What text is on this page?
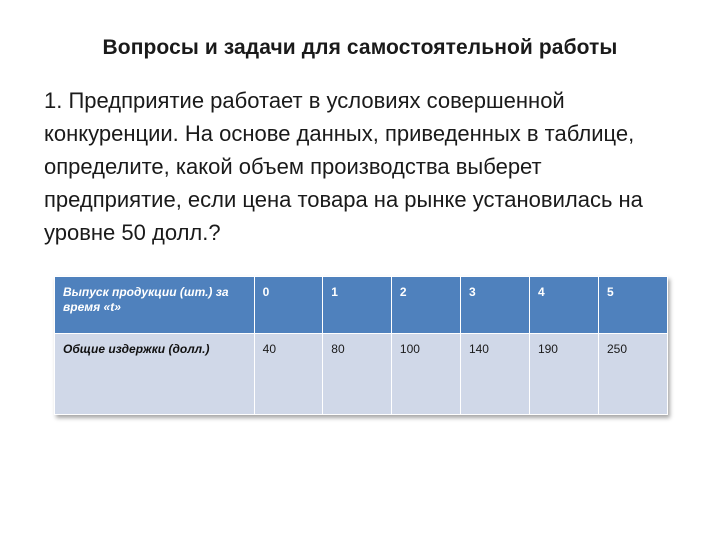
Вопросы и задачи для самостоятельной работы

1. Предприятие работает в условиях совершенной конкуренции. На основе данных, приведенных в таблице, определите, какой объем производства выберет предприятие, если цена товара на рынке установилась на уровне 50 долл.?

Выпуск продукции (шт.) за время «t»	0	1	2	3	4	5
Общие издержки (долл.)	40	80	100	140	190	250
